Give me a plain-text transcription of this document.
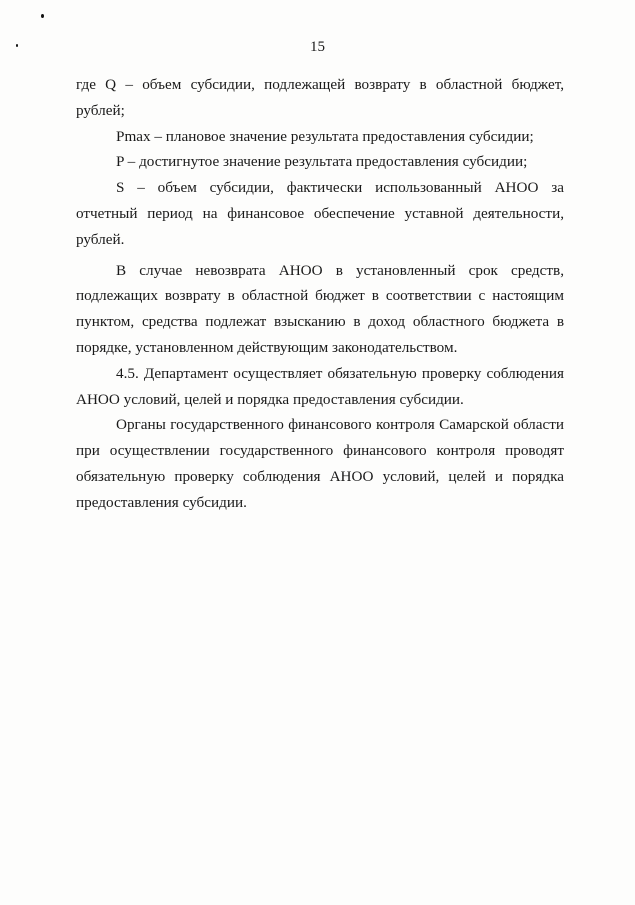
15

где Q – объем субсидии, подлежащей возврату в областной бюджет, рублей;

Pmax – плановое значение результата предоставления субсидии;

P – достигнутое значение результата предоставления субсидии;

S – объем субсидии, фактически использованный АНОО за отчетный период на финансовое обеспечение уставной деятельности, рублей.

В случае невозврата АНОО в установленный срок средств, подлежащих возврату в областной бюджет в соответствии с настоящим пунктом, средства подлежат взысканию в доход областного бюджета в порядке, установленном действующим законодательством.

4.5. Департамент осуществляет обязательную проверку соблюдения АНОО условий, целей и порядка предоставления субсидии.

Органы государственного финансового контроля Самарской области при осуществлении государственного финансового контроля проводят обязательную проверку соблюдения АНОО условий, целей и порядка предоставления субсидии.
